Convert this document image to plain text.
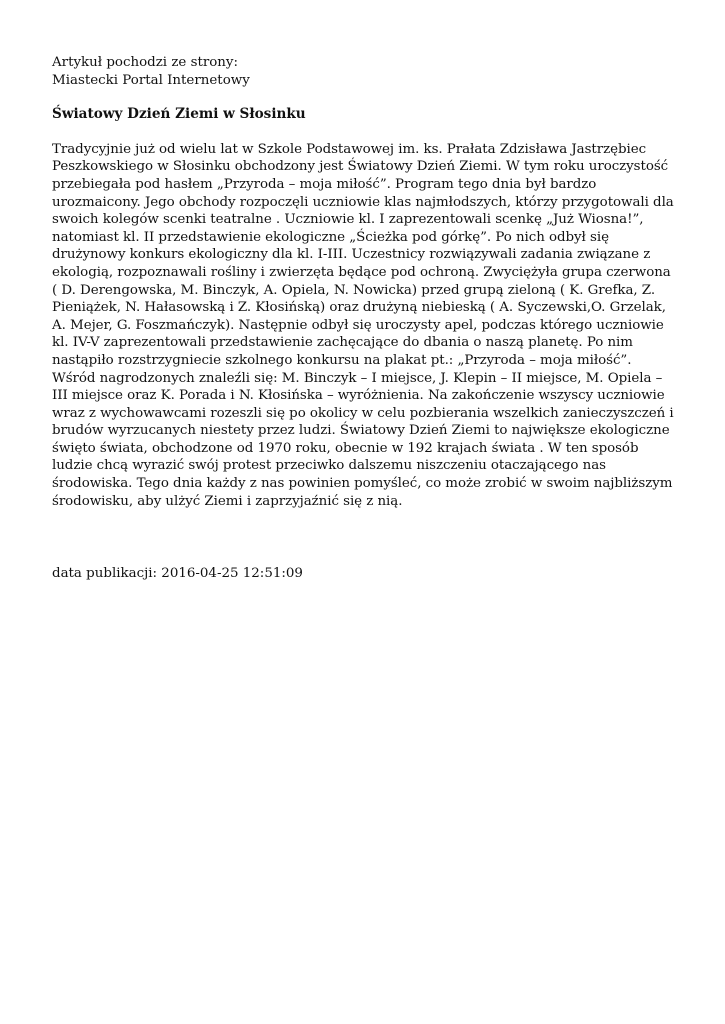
Artykuł pochodzi ze strony:

Miastecki Portal Internetowy

Światowy Dzień Ziemi w Słosinku

Tradycyjnie już od wielu lat w Szkole Podstawowej im. ks. Prałata Zdzisława Jastrzębiec Peszkowskiego w Słosinku obchodzony jest Światowy Dzień Ziemi. W tym roku uroczystość przebiegała pod hasłem „Przyroda – moja miłość”. Program tego dnia był bardzo urozmaicony. Jego obchody rozpoczęli uczniowie klas najmłodszych, którzy przygotowali dla swoich kolegów scenki teatralne . Uczniowie kl. I zaprezentowali scenkę „Już Wiosna!”, natomiast kl. II przedstawienie ekologiczne „Ścieżka pod górkę”. Po nich odbył się drużynowy konkurs ekologiczny dla kl. I-III. Uczestnicy rozwiązywali zadania związane z ekologią, rozpoznawali rośliny i zwierzęta będące pod ochroną. Zwyciężyła grupa czerwona ( D. Derengowska, M. Binczyk, A. Opiela, N. Nowicka) przed grupą zieloną ( K. Grefka, Z. Pieniążek, N. Hałasowską i Z. Kłosińską) oraz drużyną niebieską ( A. Syczewski,O. Grzelak, A. Mejer, G. Foszmańczyk). Następnie odbył się uroczysty apel, podczas którego uczniowie kl. IV-V zaprezentowali przedstawienie zachęcające do dbania o naszą planetę. Po nim nastąpiło rozstrzygniecie szkolnego konkursu na plakat pt.: „Przyroda – moja miłość”. Wśród nagrodzonych znaleźli się: M. Binczyk – I miejsce, J. Klepin – II miejsce, M. Opiela – III miejsce oraz K. Porada i N. Kłosińska – wyróżnienia. Na zakończenie wszyscy uczniowie wraz z wychowawcami rozeszli się po okolicy w celu pozbierania wszelkich zanieczyszczeń i brudów wyrzucanych niestety przez ludzi. Światowy Dzień Ziemi to największe ekologiczne święto świata, obchodzone od 1970 roku, obecnie w 192 krajach świata . W ten sposób ludzie chcą wyrazić swój protest przeciwko dalszemu niszczeniu otaczającego nas środowiska. Tego dnia każdy z nas powinien pomyśleć, co może zrobić w swoim najbliższym środowisku, aby ulżyć Ziemi i zaprzyjaźnić się z nią.

data publikacji: 2016-04-25 12:51:09
